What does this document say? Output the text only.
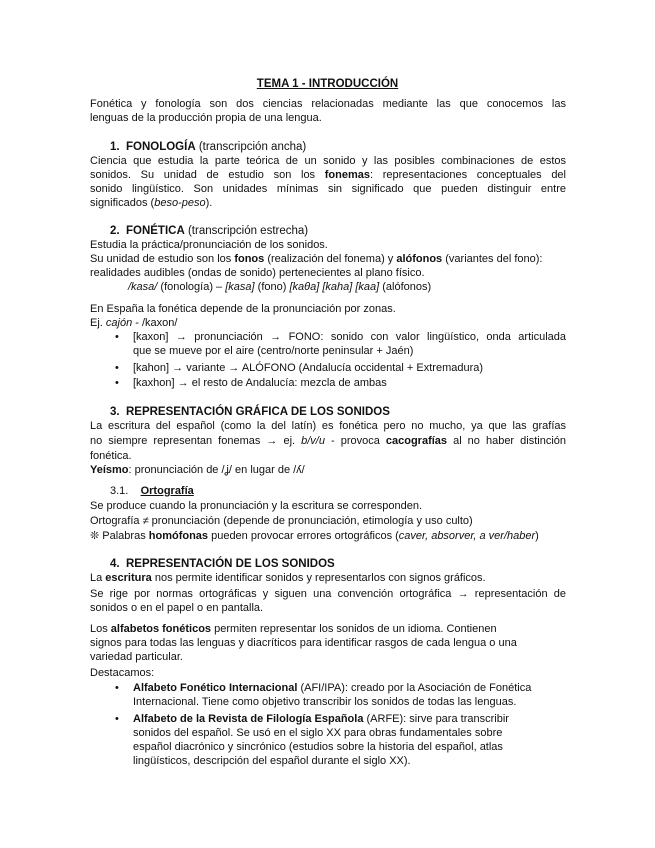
TEMA 1 - INTRODUCCIÓN
Fonética y fonología son dos ciencias relacionadas mediante las que conocemos las
lenguas de la producción propia de una lengua.
1. FONOLOGÍA (transcripción ancha)
Ciencia que estudia la parte teórica de un sonido y las posibles combinaciones de estos
sonidos. Su unidad de estudio son los fonemas: representaciones conceptuales del
sonido lingüístico. Son unidades mínimas sin significado que pueden distinguir entre
significados (beso-peso).
2. FONÉTICA (transcripción estrecha)
Estudia la práctica/pronunciación de los sonidos.
Su unidad de estudio son los fonos (realización del fonema) y alófonos (variantes del fono):
realidades audibles (ondas de sonido) pertenecientes al plano físico.
/kasa/ (fonología) – [kasa] (fono) [kaθa] [kaha] [kaa] (alófonos)
En España la fonética depende de la pronunciación por zonas.
Ej. cajón - /kaxon/
• [kaxon] → pronunciación → FONO: sonido con valor lingüístico, onda articulada
que se mueve por el aire (centro/norte peninsular + Jaén)
• [kahon] → variante → ALÓFONO (Andalucía occidental + Extremadura)
• [kaxhon] → el resto de Andalucía: mezcla de ambas
3. REPRESENTACIÓN GRÁFICA DE LOS SONIDOS
La escritura del español (como la del latín) es fonética pero no mucho, ya que las grafías
no siempre representan fonemas → ej. b/v/u - provoca cacografías al no haber distinción
fonética.
Yeísmo: pronunciación de /ʝ/ en lugar de /ʎ/
3.1. Ortografía
Se produce cuando la pronunciación y la escritura se corresponden.
Ortografía ≠ pronunciación (depende de pronunciación, etimología y uso culto)
❊ Palabras homófonas pueden provocar errores ortográficos (caver, absorver, a ver/haber)
4. REPRESENTACIÓN DE LOS SONIDOS
La escritura nos permite identificar sonidos y representarlos con signos gráficos.
Se rige por normas ortográficas y siguen una convención ortográfica → representación de
sonidos o en el papel o en pantalla.
Los alfabetos fonéticos permiten representar los sonidos de un idioma. Contienen
signos para todas las lenguas y diacríticos para identificar rasgos de cada lengua o una
variedad particular.
Destacamos:
• Alfabeto Fonético Internacional (AFI/IPA): creado por la Asociación de Fonética
Internacional. Tiene como objetivo transcribir los sonidos de todas las lenguas.
• Alfabeto de la Revista de Filología Española (ARFE): sirve para transcribir
sonidos del español. Se usó en el siglo XX para obras fundamentales sobre
español diacrónico y sincrónico (estudios sobre la historia del español, atlas
lingüísticos, descripción del español durante el siglo XX).
